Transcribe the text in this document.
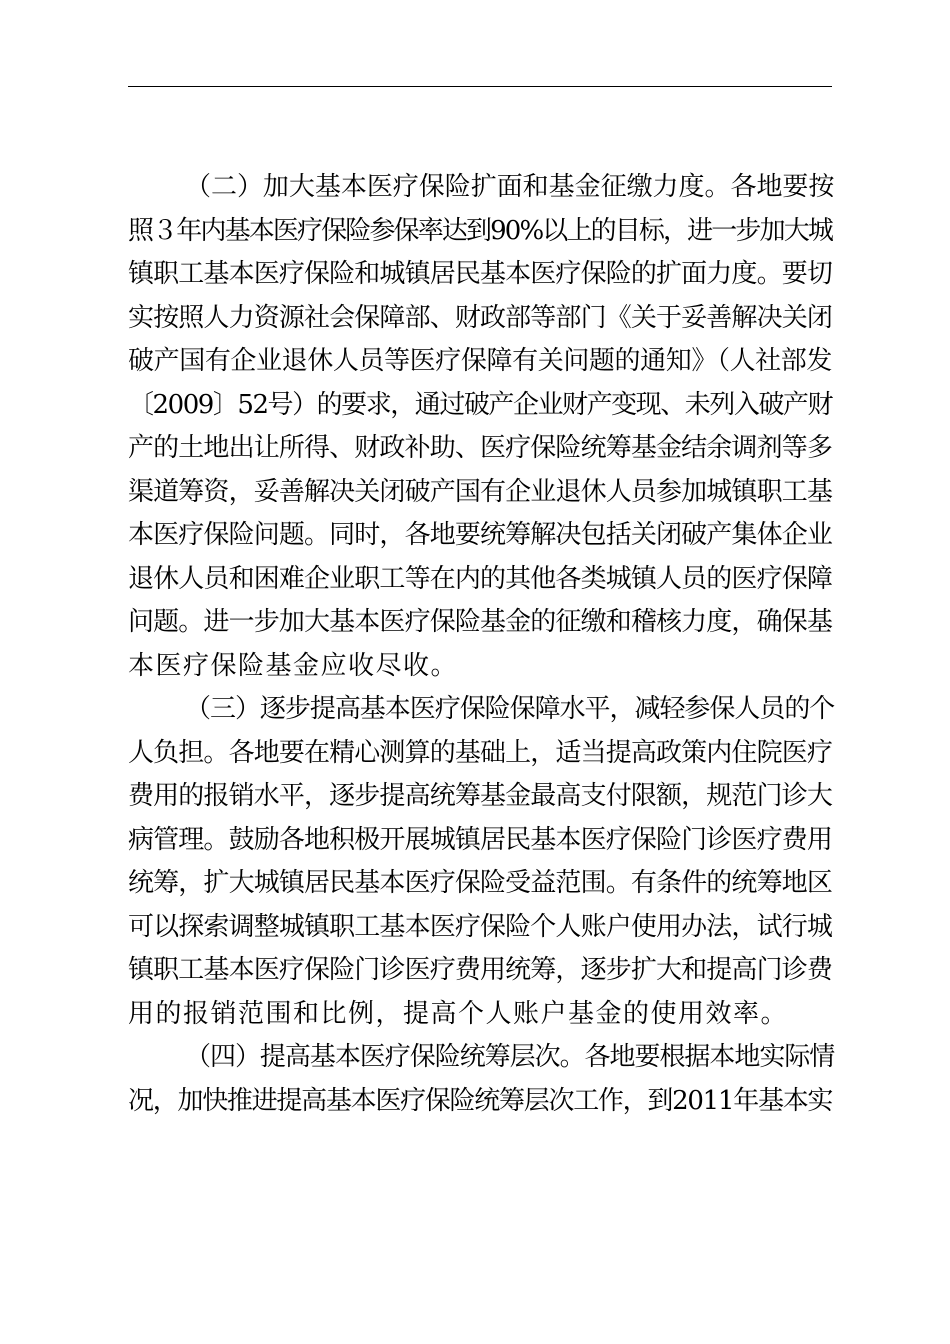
（二）加大基本医疗保险扩面和基金征缴力度。各地要按
照３年内基本医疗保险参保率达到90%以上的目标，进一步加大城
镇职工基本医疗保险和城镇居民基本医疗保险的扩面力度。要切
实按照人力资源社会保障部、财政部等部门《关于妥善解决关闭
破产国有企业退休人员等医疗保障有关问题的通知》（人社部发
〔2009〕52号）的要求，通过破产企业财产变现、未列入破产财
产的土地出让所得、财政补助、医疗保险统筹基金结余调剂等多
渠道筹资，妥善解决关闭破产国有企业退休人员参加城镇职工基
本医疗保险问题。同时，各地要统筹解决包括关闭破产集体企业
退休人员和困难企业职工等在内的其他各类城镇人员的医疗保障
问题。进一步加大基本医疗保险基金的征缴和稽核力度，确保基
本医疗保险基金应收尽收。
（三）逐步提高基本医疗保险保障水平，减轻参保人员的个
人负担。各地要在精心测算的基础上，适当提高政策内住院医疗
费用的报销水平，逐步提高统筹基金最高支付限额，规范门诊大
病管理。鼓励各地积极开展城镇居民基本医疗保险门诊医疗费用
统筹，扩大城镇居民基本医疗保险受益范围。有条件的统筹地区
可以探索调整城镇职工基本医疗保险个人账户使用办法，试行城
镇职工基本医疗保险门诊医疗费用统筹，逐步扩大和提高门诊费
用的报销范围和比例，提高个人账户基金的使用效率。
（四）提高基本医疗保险统筹层次。各地要根据本地实际情
况，加快推进提高基本医疗保险统筹层次工作，到2011年基本实
